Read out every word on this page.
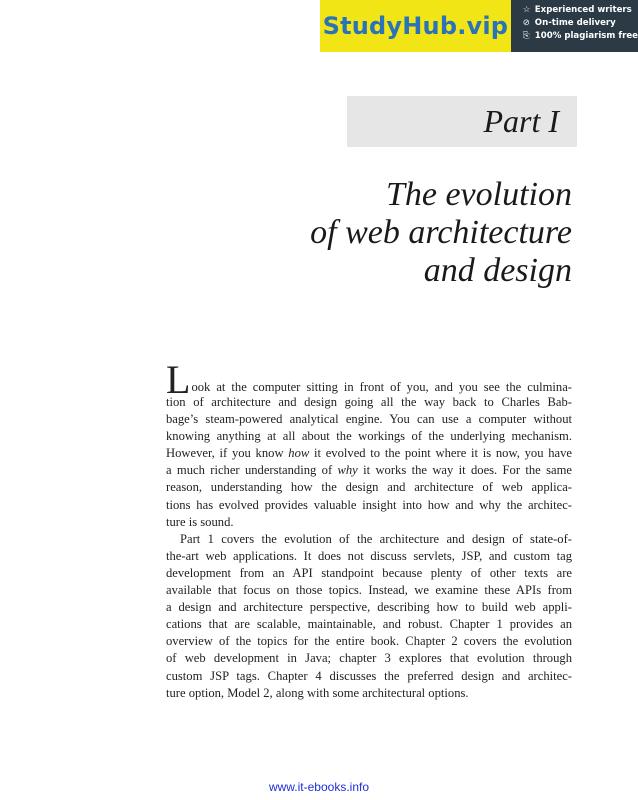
StudyHub.vip
☆ Experienced writers
⊘ On-time delivery
⎘ 100% plagiarism free
Part I
The evolution
of web architecture
and design
Look at the computer sitting in front of you, and you see the culmina-
tion of architecture and design going all the way back to Charles Bab-
bage’s steam-powered analytical engine. You can use a computer without
knowing anything at all about the workings of the underlying mechanism.
However, if you know how it evolved to the point where it is now, you have
a much richer understanding of why it works the way it does. For the same
reason, understanding how the design and architecture of web applica-
tions has evolved provides valuable insight into how and why the architec-
ture is sound.
Part 1 covers the evolution of the architecture and design of state-of-
the-art web applications. It does not discuss servlets, JSP, and custom tag
development from an API standpoint because plenty of other texts are
available that focus on those topics. Instead, we examine these APIs from
a design and architecture perspective, describing how to build web appli-
cations that are scalable, maintainable, and robust. Chapter 1 provides an
overview of the topics for the entire book. Chapter 2 covers the evolution
of web development in Java; chapter 3 explores that evolution through
custom JSP tags. Chapter 4 discusses the preferred design and architec-
ture option, Model 2, along with some architectural options.
www.it-ebooks.info
